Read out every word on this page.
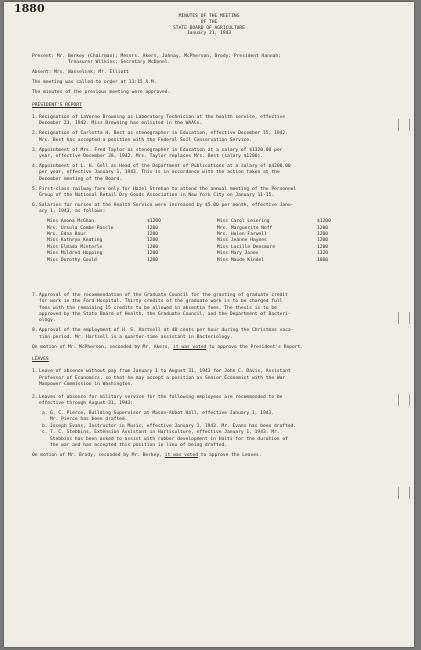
1880
MINUTES OF THE MEETING
OF THE
STATE BOARD OF AGRICULTURE
January 21, 1943
Present: Mr. Berkey (Chairman); Messrs. Akers, Jahnay, McPherson, Brody; President Hannah;
Treasurer Wilkins; Secretary McDonel.
Absent: Mrs. Wasselink; Mr. Elliott
The meeting was called to order at 11:15 A.M.
The minutes of the previous meeting were approved.
PRESIDENT'S REPORT
1. Resignation of LaVerne Browning as Laboratory Technician at the health service, effective
December 23, 1942. Miss Browning has enlisted in the WAACs.
2. Resignation of Carlotta H. Best as stenographer in Education, effective December 15, 1942.
Mrs. Best has accepted a position with the Federal Soil Conservation Service.
3. Appointment of Mrs. Fred Taylor as stenographer in Education at a salary of $1320.00 per
year, effective December 28, 1942. Mrs. Taylor replaces Mrs. Best (salary $1200).
4. Appointment of L. H. Gell as Head of the Department of Publications at a salary of $4200.00
per year, effective January 1, 1943. This is in accordance with the action taken at the
December meeting of the Board.
5. First-class railway fare only for Hazel Strehan to attend the annual meeting of the Personnel
Group of the National Retail Dry Goods Association in New York City on January 11-15.
6. Salaries for nurses at the Health Service were increased by $5.00 per month, effective Janu-
ary 1, 1943, as follows:
Miss Anona McGhan	$1200
Mrs. Ursula Combe Pascle	1200
Mrs. Edna Baur	1200
Miss Kathryn Keating	1200
Miss Elmada Minterle	1200
Miss Mildred Hopping	1200
Miss Dorothy Gould	1200
Miss Carol Leiering	$1200
Mrs. Marguerite Neff	1200
Mrs. Helen Farwell	1200
Miss Jeanne Haynes	1200
Miss Lucille Densmore	1200
Miss Mary Jones	1320
Miss Maude Kindel	1080
7. Approval of the recommendation of the Graduate Council for the granting of graduate credit
for work in the Ford Hospital. Thirty credits of the graduate work is to be charged full
fees with the remaining 15 credits to be allowed in absentia fees. The thesis is to be
approved by the State Board of Health, the Graduate Council, and the Department of Bacteri-
ology.
8. Approval of the employment of H. S. Hartsell at 40 cents per hour during the Christmas vaca-
tion period. Mr. Hartsell is a quarter-time assistant in Bacteriology.
On motion of Mr. McPherson, seconded by Mr. Akers, it was voted to approve the President's Report.
LEAVES
1. Leave of absence without pay from January 1 to August 31, 1943 for John C. Davis, Assistant
Professor of Economics, so that he may accept a position as Senior Economist with the War
Manpower Commission in Washington.
2. Leaves of absence for military service for the following employees are recommended to be
effective through August 31, 1943:
a. G. C. Pierce, Building Supervisor at Mason-Abbot Hall, effective January 1, 1943.
Mr. Pierce has been drafted.
b. Joseph Evans, Instructor in Music, effective January 1, 1943. Mr. Evans has been drafted.
c. T. C. Stebbins, Extension Assistant in Horticulture, effective January 1, 1943. Mr.
Stebbins has been asked to assist with rubber development in Haiti for the duration of
the war and has accepted this position in lieu of being drafted.
On motion of Mr. Brody, seconded by Mr. Berkey, it was voted to approve the Leaves.
